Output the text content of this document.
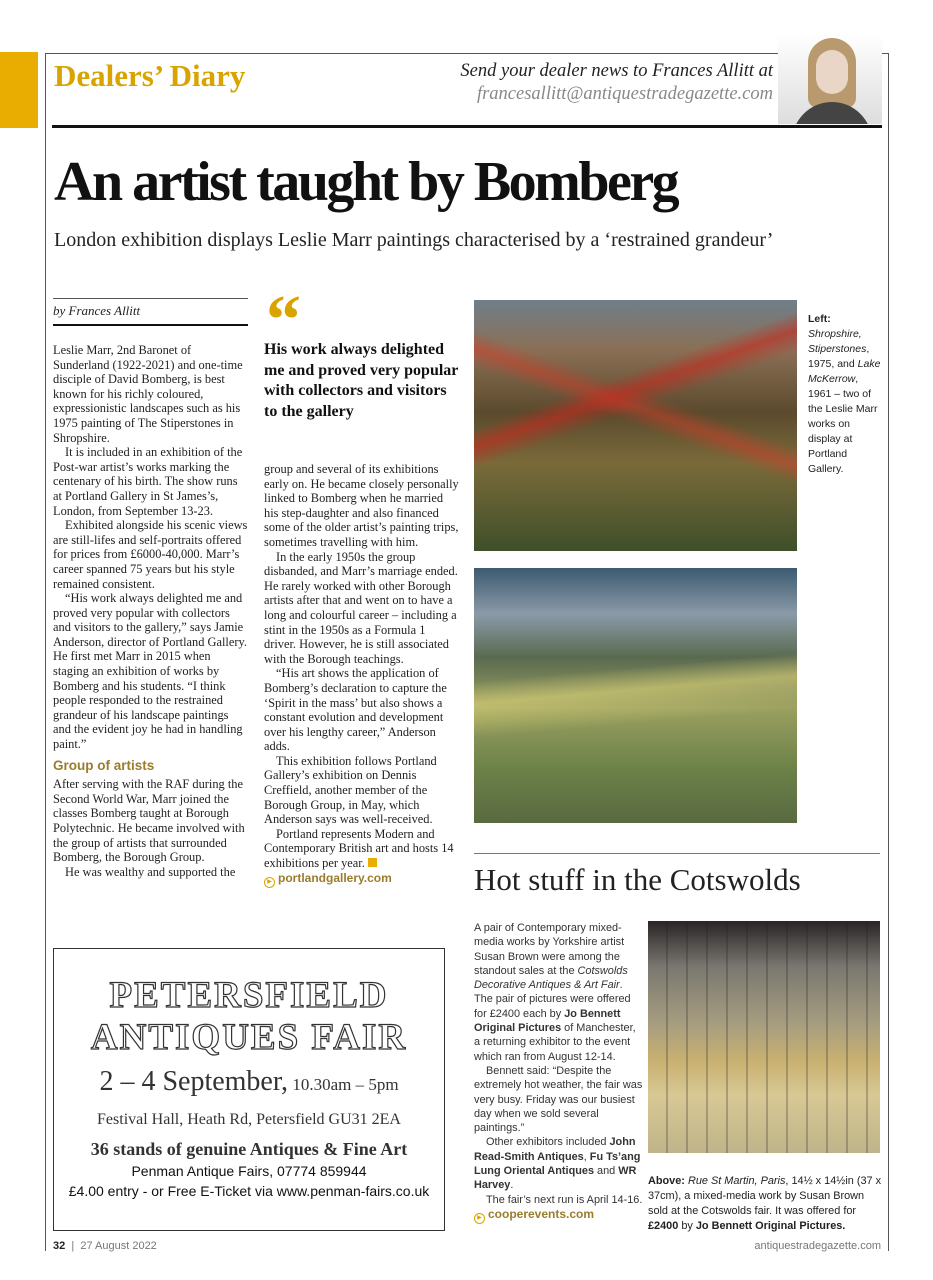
Dealers’ Diary	Send your dealer news to Frances Allitt at
francesallitt@antiquestradegazette.com
An artist taught by Bomberg
London exhibition displays Leslie Marr paintings characterised by a ‘restrained grandeur’
by Frances Allitt

Leslie Marr, 2nd Baronet of Sunderland (1922-2021) and one-time disciple of David Bomberg, is best known for his richly coloured, expressionistic landscapes such as his 1975 painting of The Stiperstones in Shropshire.

It is included in an exhibition of the Post-war artist’s works marking the centenary of his birth. The show runs at Portland Gallery in St James’s, London, from September 13-23.

Exhibited alongside his scenic views are still-lifes and self-portraits offered for prices from £6000-40,000. Marr’s career spanned 75 years but his style remained consistent.

“His work always delighted me and proved very popular with collectors and visitors to the gallery,” says Jamie Anderson, director of Portland Gallery. He first met Marr in 2015 when staging an exhibition of works by Bomberg and his students. “I think people responded to the restrained grandeur of his landscape paintings and the evident joy he had in handling paint.”

Group of artists

After serving with the RAF during the Second World War, Marr joined the classes Bomberg taught at Borough Polytechnic. He became involved with the group of artists that surrounded Bomberg, the Borough Group.

He was wealthy and supported the

“
His work always delighted me and proved very popular with collectors and visitors to the gallery

group and several of its exhibitions early on. He became closely personally linked to Bomberg when he married his step-daughter and also financed some of the older artist’s painting trips, sometimes travelling with him.

In the early 1950s the group disbanded, and Marr’s marriage ended. He rarely worked with other Borough artists after that and went on to have a long and colourful career – including a stint in the 1950s as a Formula 1 driver. However, he is still associated with the Borough teachings.

“His art shows the application of Bomberg’s declaration to capture the ‘Spirit in the mass’ but also shows a constant evolution and development over his lengthy career,” Anderson adds.

This exhibition follows Portland Gallery’s exhibition on Dennis Creffield, another member of the Borough Group, in May, which Anderson says was well-received.

Portland represents Modern and Contemporary British art and hosts 14 exhibitions per year.

▶ portlandgallery.com
Left:
Shropshire, Stiperstones, 1975, and Lake McKerrow, 1961 – two of the Leslie Marr works on display at Portland Gallery.
Hot stuff in the Cotswolds

A pair of Contemporary mixed-media works by Yorkshire artist Susan Brown were among the standout sales at the Cotswolds Decorative Antiques & Art Fair. The pair of pictures were offered for £2400 each by Jo Bennett Original Pictures of Manchester, a returning exhibitor to the event which ran from August 12-14.

Bennett said: “Despite the extremely hot weather, the fair was very busy. Friday was our busiest day when we sold several paintings.”

Other exhibitors included John Read-Smith Antiques, Fu Ts’ang Lung Oriental Antiques and WR Harvey.

The fair’s next run is April 14-16.

▶ cooperevents.com
Above: Rue St Martin, Paris, 14½ x 14½in (37 x 37cm), a mixed-media work by Susan Brown sold at the Cotswolds fair. It was offered for £2400 by Jo Bennett Original Pictures.
PETERSFIELD
ANTIQUES FAIR
2 – 4 September, 10.30am – 5pm
Festival Hall, Heath Rd, Petersfield GU31 2EA
36 stands of genuine Antiques & Fine Art
Penman Antique Fairs, 07774 859944
£4.00 entry - or Free E-Ticket via www.penman-fairs.co.uk
32  |  27 August 2022	antiquestradegazette.com
